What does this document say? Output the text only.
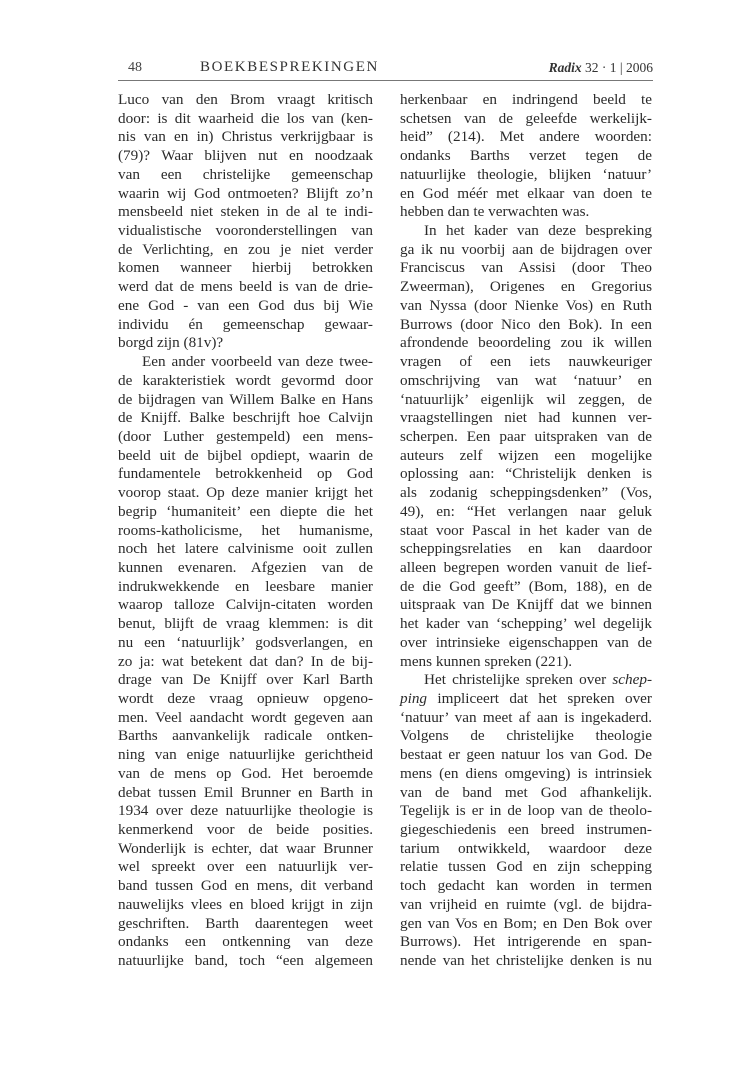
48	BOEKBESPREKINGEN	Radix 32 · 1 | 2006
Luco van den Brom vraagt kritisch
door: is dit waarheid die los van (ken-
nis van en in) Christus verkrijgbaar is
(79)? Waar blijven nut en noodzaak
van een christelijke gemeenschap
waarin wij God ontmoeten? Blijft zo’n
mensbeeld niet steken in de al te indi-
vidualistische vooronderstellingen van
de Verlichting, en zou je niet verder
komen wanneer hierbij betrokken
werd dat de mens beeld is van de drie-
ene God - van een God dus bij Wie
individu én gemeenschap gewaar-
borgd zijn (81v)?
Een ander voorbeeld van deze twee-
de karakteristiek wordt gevormd door
de bijdragen van Willem Balke en Hans
de Knijff. Balke beschrijft hoe Calvijn
(door Luther gestempeld) een mens-
beeld uit de bijbel opdiept, waarin de
fundamentele betrokkenheid op God
voorop staat. Op deze manier krijgt het
begrip ‘humaniteit’ een diepte die het
rooms-katholicisme, het humanisme,
noch het latere calvinisme ooit zullen
kunnen evenaren. Afgezien van de
indrukwekkende en leesbare manier
waarop talloze Calvijn-citaten worden
benut, blijft de vraag klemmen: is dit
nu een ‘natuurlijk’ godsverlangen, en
zo ja: wat betekent dat dan? In de bij-
drage van De Knijff over Karl Barth
wordt deze vraag opnieuw opgeno-
men. Veel aandacht wordt gegeven aan
Barths aanvankelijk radicale ontken-
ning van enige natuurlijke gerichtheid
van de mens op God. Het beroemde
debat tussen Emil Brunner en Barth in
1934 over deze natuurlijke theologie is
kenmerkend voor de beide posities.
Wonderlijk is echter, dat waar Brunner
wel spreekt over een natuurlijk ver-
band tussen God en mens, dit verband
nauwelijks vlees en bloed krijgt in zijn
geschriften. Barth daarentegen weet
ondanks een ontkenning van deze
natuurlijke band, toch “een algemeen
herkenbaar en indringend beeld te
schetsen van de geleefde werkelijk-
heid” (214). Met andere woorden:
ondanks Barths verzet tegen de
natuurlijke theologie, blijken ‘natuur’
en God méér met elkaar van doen te
hebben dan te verwachten was.
In het kader van deze bespreking
ga ik nu voorbij aan de bijdragen over
Franciscus van Assisi (door Theo
Zweerman), Origenes en Gregorius
van Nyssa (door Nienke Vos) en Ruth
Burrows (door Nico den Bok). In een
afrondende beoordeling zou ik willen
vragen of een iets nauwkeuriger
omschrijving van wat ‘natuur’ en
‘natuurlijk’ eigenlijk wil zeggen, de
vraagstellingen niet had kunnen ver-
scherpen. Een paar uitspraken van de
auteurs zelf wijzen een mogelijke
oplossing aan: “Christelijk denken is
als zodanig scheppingsdenken” (Vos,
49), en: “Het verlangen naar geluk
staat voor Pascal in het kader van de
scheppingsrelaties en kan daardoor
alleen begrepen worden vanuit de lief-
de die God geeft” (Bom, 188), en de
uitspraak van De Knijff dat we binnen
het kader van ‘schepping’ wel degelijk
over intrinsieke eigenschappen van de
mens kunnen spreken (221).
Het christelijke spreken over schep-
ping impliceert dat het spreken over
‘natuur’ van meet af aan is ingekaderd.
Volgens de christelijke theologie
bestaat er geen natuur los van God. De
mens (en diens omgeving) is intrinsiek
van de band met God afhankelijk.
Tegelijk is er in de loop van de theolo-
giegeschiedenis een breed instrumen-
tarium ontwikkeld, waardoor deze
relatie tussen God en zijn schepping
toch gedacht kan worden in termen
van vrijheid en ruimte (vgl. de bijdra-
gen van Vos en Bom; en Den Bok over
Burrows). Het intrigerende en span-
nende van het christelijke denken is nu
